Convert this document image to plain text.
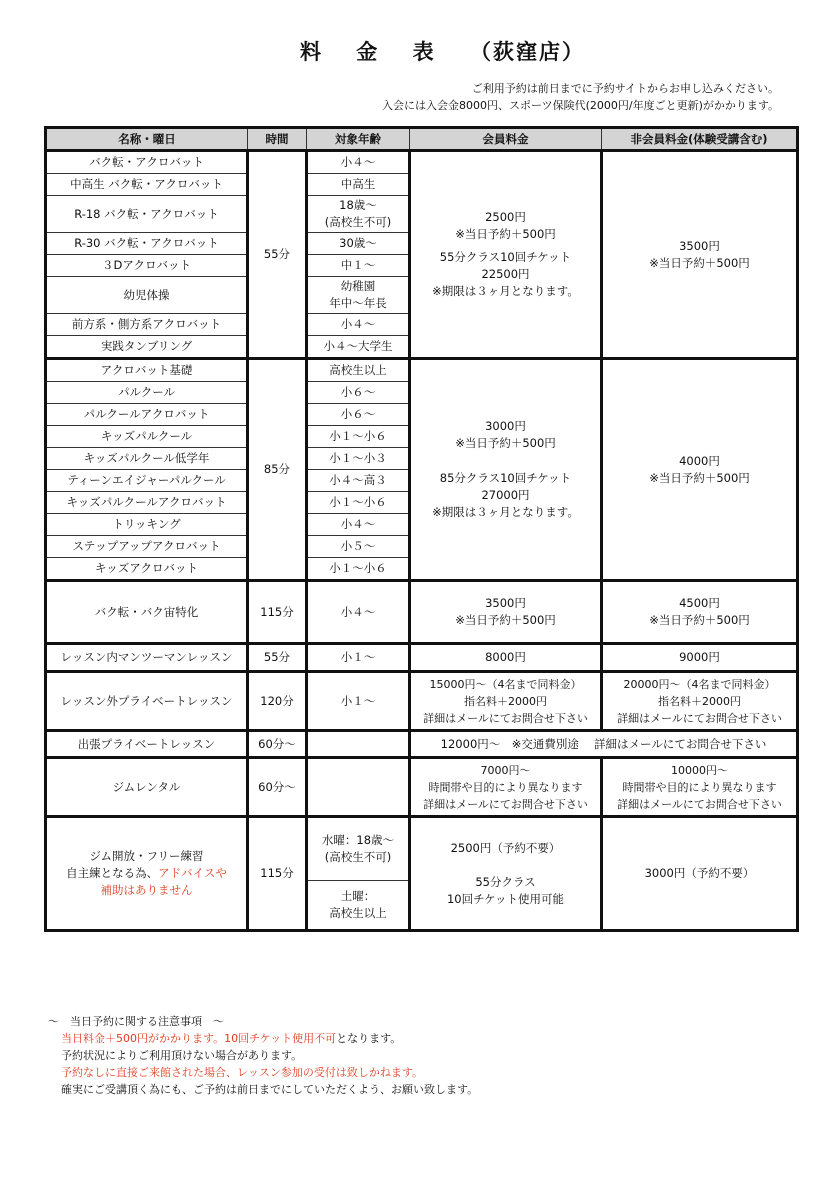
料 金 表 （荻窪店）
ご利用予約は前日までに予約サイトからお申し込みください。
入会には入会金8000円、スポーツ保険代(2000円/年度ごと更新)がかかります。
名称・曜日	時間	対象年齢	会員料金	非会員料金(体験受講含む)
バク転・アクロバット	55分	小４～	2500円
※当日予約＋500円
55分クラス10回チケット
22500円
※期限は３ヶ月となります。	3500円
※当日予約＋500円

中高生 バク転・アクロバット		中高生		
R-18 バク転・アクロバット		18歳～
(高校生不可)		
R-30 バク転・アクロバット		30歳～		
３Dアクロバット		中１～		
幼児体操		幼稚園
年中～年長		
前方系・側方系アクロバット		小４～		
実践タンブリング		小４～大学生		
アクロバット基礎	85分	高校生以上	3000円
※当日予約＋500円
85分クラス10回チケット
27000円
※期限は３ヶ月となります。	4000円
※当日予約＋500円

パルクール		小６～		
パルクールアクロバット		小６～		
キッズパルクール		小１～小６		
キッズパルクール低学年		小１～小３		
ティーンエイジャーパルクール		小４～高３		
キッズパルクールアクロバット		小１～小６		
トリッキング		小４～		
ステップアップアクロバット		小５～		
キッズアクロバット		小１～小６		
バク転・バク宙特化	115分	小４～	3500円
※当日予約＋500円	4500円
※当日予約＋500円
レッスン内マンツーマンレッスン	55分	小１～	8000円	9000円
レッスン外プライベートレッスン	120分	小１～	15000円～（4名まで同料金）
指名料＋2000円
詳細はメールにてお問合せ下さい	20000円～（4名まで同料金）
指名料＋2000円
詳細はメールにてお問合せ下さい
出張プライベートレッスン	60分～		12000円～　※交通費別途　 詳細はメールにてお問合せ下さい	
ジムレンタル	60分～		7000円～
時間帯や目的により異なります
詳細はメールにてお問合せ下さい	10000円～
時間帯や目的により異なります
詳細はメールにてお問合せ下さい

ジム開放・フリー練習
自主練となる為、アドバイスや
補助はありません	115分	水曜：18歳～
(高校生不可)	2500円（予約不要）

55分クラス
10回チケット使用可能	3000円（予約不要）
		土曜：
高校生以上		
～　当日予約に関する注意事項　～
当日料金＋500円がかかります。10回チケット使用不可となります。
予約状況によりご利用頂けない場合があります。
予約なしに直接ご来館された場合、レッスン参加の受付は致しかねます。
確実にご受講頂く為にも、ご予約は前日までにしていただくよう、お願い致します。
